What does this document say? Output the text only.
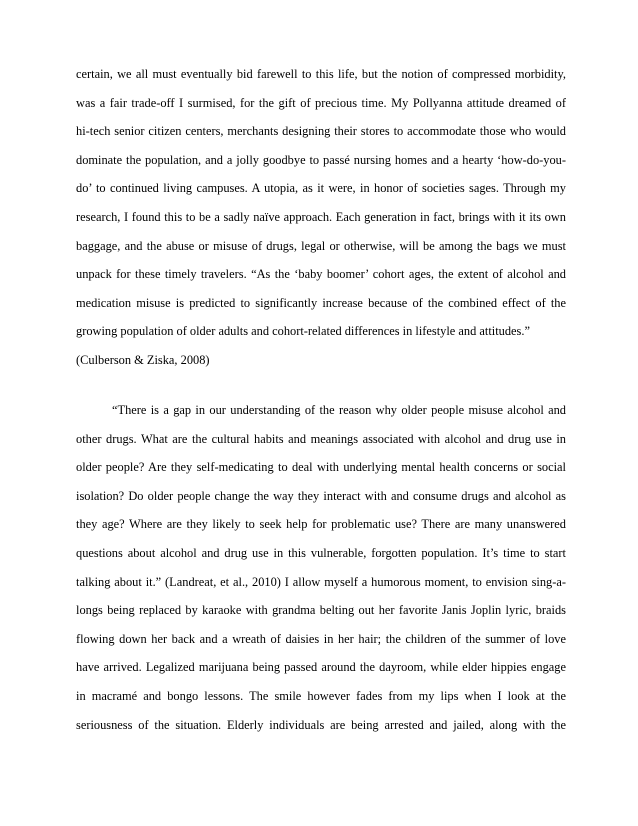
certain, we all must eventually bid farewell to this life, but the notion of compressed morbidity,
was a fair trade-off I surmised, for the gift of precious time. My Pollyanna attitude dreamed of
hi-tech senior citizen centers, merchants designing their stores to accommodate those who would
dominate the population, and a jolly goodbye to passé nursing homes and a hearty ‘how-do-you-
do’ to continued living campuses. A utopia, as it were, in honor of societies sages. Through my
research, I found this to be a sadly naïve approach. Each generation in fact, brings with it its own
baggage, and the abuse or misuse of drugs, legal or otherwise, will be among the bags we must
unpack for these timely travelers. “As the ‘baby boomer’ cohort ages, the extent of alcohol and
medication misuse is predicted to significantly increase because of the combined effect of the
growing population of older adults and cohort-related differences in lifestyle and attitudes.”
(Culberson & Ziska, 2008)
“There is a gap in our understanding of the reason why older people misuse alcohol and
other drugs. What are the cultural habits and meanings associated with alcohol and drug use in
older people? Are they self-medicating to deal with underlying mental health concerns or social
isolation? Do older people change the way they interact with and consume drugs and alcohol as
they age? Where are they likely to seek help for problematic use? There are many unanswered
questions about alcohol and drug use in this vulnerable, forgotten population. It’s time to start
talking about it.” (Landreat, et al., 2010) I allow myself a humorous moment, to envision sing-a-
longs being replaced by karaoke with grandma belting out her favorite Janis Joplin lyric, braids
flowing down her back and a wreath of daisies in her hair; the children of the summer of love
have arrived. Legalized marijuana being passed around the dayroom, while elder hippies engage
in macramé and bongo lessons. The smile however fades from my lips when I look at the
seriousness of the situation. Elderly individuals are being arrested and jailed, along with the
